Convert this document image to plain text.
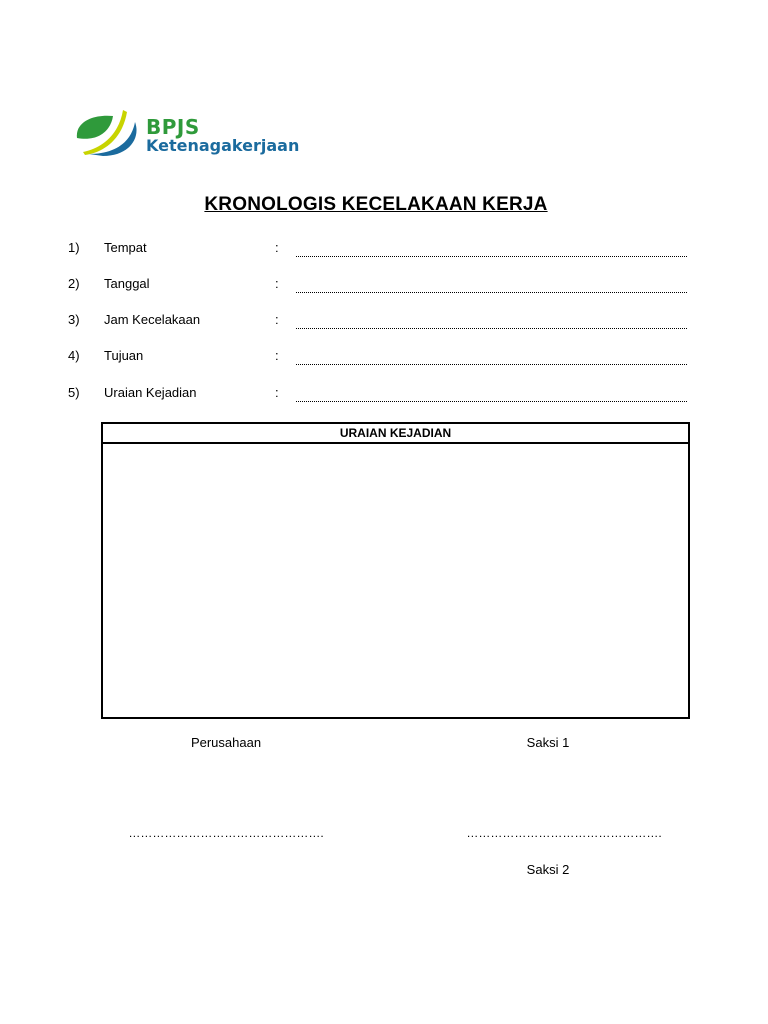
BPJS
Ketenagakerjaan
KRONOLOGIS KECELAKAAN KERJA
1) Tempat	:
2) Tanggal	:
3) Jam Kecelakaan	:
4) Tujuan	:
5) Uraian Kejadian	:
URAIAN KEJADIAN
Perusahaan	Saksi 1
………………………………………….	………………………………………….
Saksi 2
